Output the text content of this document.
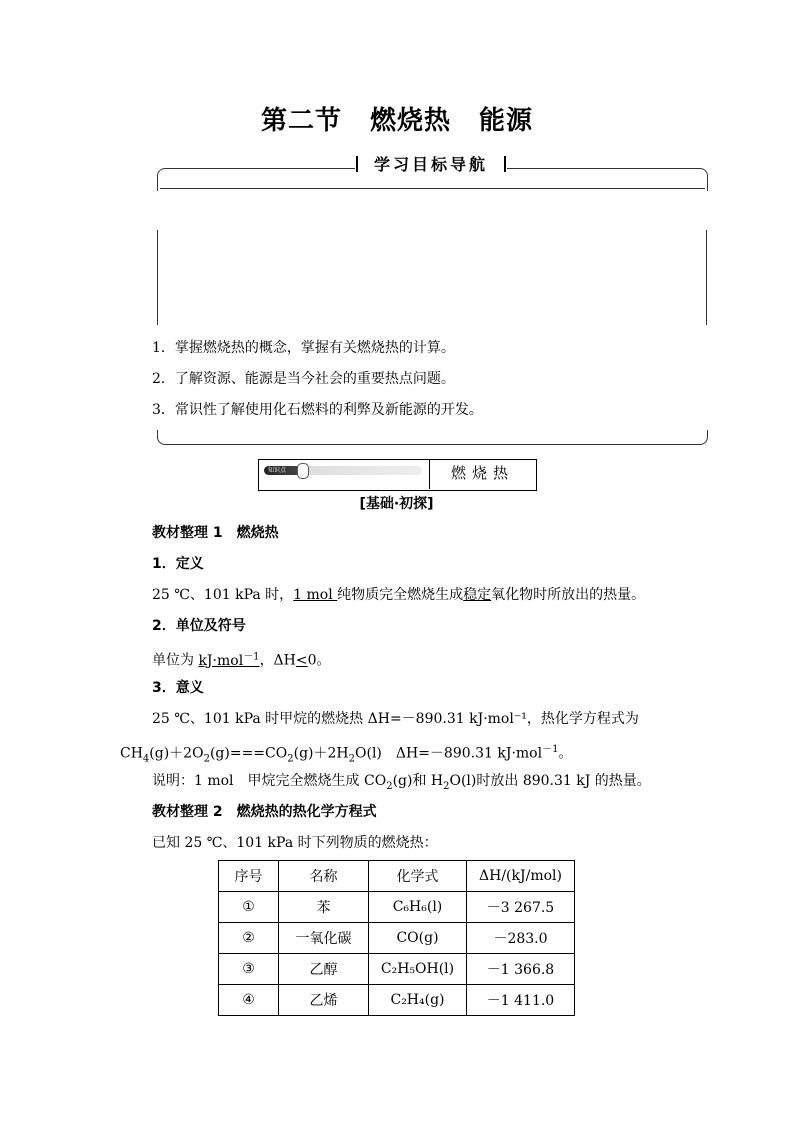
第二节 燃烧热 能源
学习目标导航
1．掌握燃烧热的概念，掌握有关燃烧热的计算。
2．了解资源、能源是当今社会的重要热点问题。
3．常识性了解使用化石燃料的利弊及新能源的开发。
知识点	燃烧热
[基础·初探]
教材整理 1　燃烧热
1．定义
25 ℃、101 kPa 时，1 mol 纯物质完全燃烧生成稳定氧化物时所放出的热量。
2．单位及符号
单位为 kJ·mol$^{-1}$，ΔH<0。
3．意义
25 ℃、101 kPa 时甲烷的燃烧热 ΔH=－890.31 kJ·mol⁻¹，热化学方程式为
$CH_4(g)+2O_2(g)===CO_2(g)+2H_2O(l)$　ΔH=－890.31 kJ·mol$^{-1}$。
说明：1 mol　甲烷完全燃烧生成 $CO_2(g)$和 $H_2O(l)$时放出 890.31 kJ 的热量。
教材整理 2　燃烧热的热化学方程式
已知 25 ℃、101 kPa 时下列物质的燃烧热：
序号	名称	化学式	ΔH/(kJ/mol)
①	苯	C₆H₆(l)	－3 267.5
②	一氧化碳	CO(g)	－283.0
③	乙醇	C₂H₅OH(l)	－1 366.8
④	乙烯	C₂H₄(g)	－1 411.0
